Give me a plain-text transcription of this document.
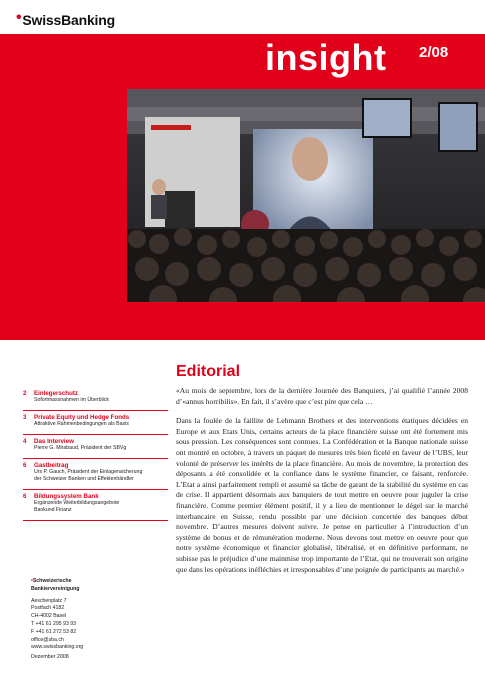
•SwissBanking
insight 2/08
2 Einlegerschutz
Sofortmassnahmen im Überblick
3 Private Equity und Hedge Fonds
Attraktive Rahmenbedingungen als Basis
4 Das Interview
Pierre G. Mirabaud, Präsident der SBVg
6 Gastbeitrag
Urs P. Gauch, Präsident der Einlagensicherung
der Schweizer Banken und Effektenhändler
6 Bildungssystem Bank
Ergänzende Weiterbildungsangebote
Bankund Finanz
•Schweizerische
Bankiervereinigung
Aeschenplatz 7
Postfach 4182
CH-4002 Basel
T +41 61 295 93 93
F +41 61 272 53 82
office@sba.ch
www.swissbanking.org
Dezember 2008
Editorial

«Au mois de septembre, lors de la dernière Journée des Banquiers, j’ai qualifié l’année 2008 d’«annus horribilis». En fait, il s’avère que c’est pire que cela …

Dans la foulée de la faillite de Lehmann Brothers et des interventions étatiques décidées en Europe et aux Etats Unis, certains acteurs de la place financière suisse ont été fortement mis sous pression. Les conséquences sont connues. La Confédération et la Banque nationale suisse ont montré en octobre, à travers un paquet de mesures très bien ficelé en faveur de l’UBS, leur volonté de préserver les intérêts de la place financière. Au mois de novembre, la protection des déposants a été consolidée et la confiance dans le système financier, ce faisant, renforcée. L’Etat a ainsi parfaitement rempli et assumé sa tâche de garant de la stabilité du système en cas de crise. Il appartient désormais aux banquiers de tout mettre en oeuvre pour juguler la crise financière. Comme premier élément positif, il y a lieu de mentionner le dégel sur le marché interbancaire en Suisse, rendu possible par une décision concertée des banques début novembre. D’autres mesures doivent suivre. Je pense en particulier à l’introduction d’un système de bonus et de rémunération moderne. Nous devons tout mettre en oeuvre pour que notre système économique et financier globalisé, libéralisé, et en définitive performant, ne subisse pas le préjudice d’une mainmise trop importante de l’Etat, qui ne trouverait son origine que dans les opérations inéfléchies et irresponsables d’une poignée de participants au marché.»
